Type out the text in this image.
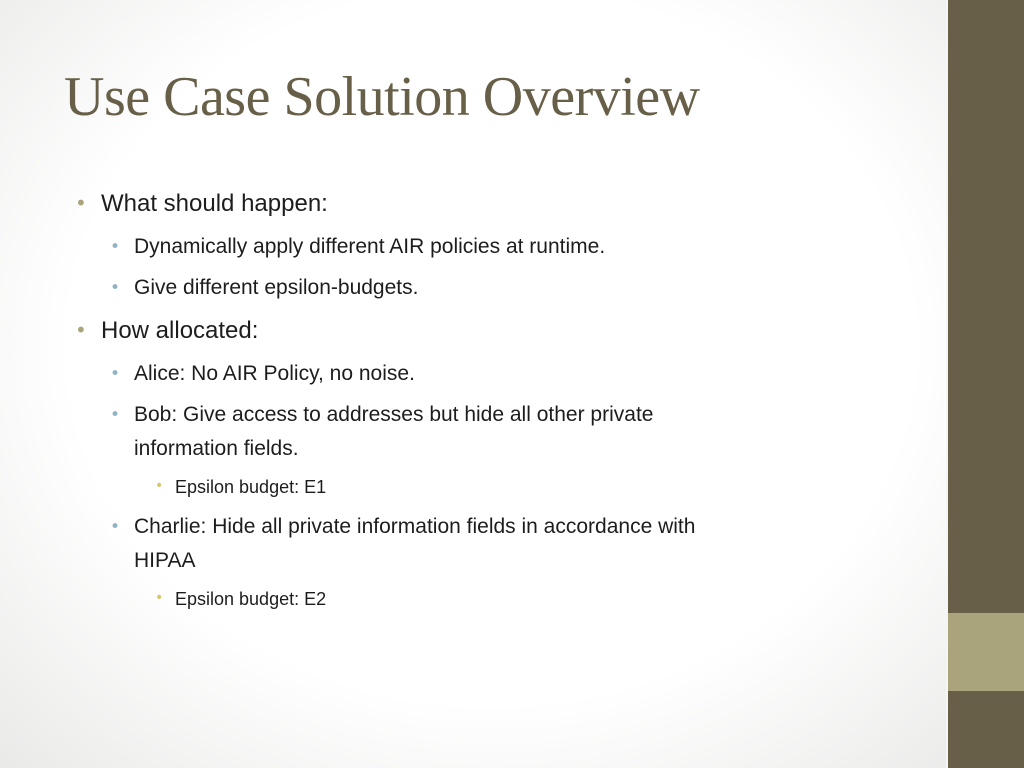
Use Case Solution Overview
• What should happen:
• Dynamically apply different AIR policies at runtime.
• Give different epsilon-budgets.
• How allocated:
• Alice: No AIR Policy, no noise.
• Bob: Give access to addresses but hide all other private
information fields.
• Epsilon budget: E1
• Charlie: Hide all private information fields in accordance with
HIPAA
• Epsilon budget: E2
